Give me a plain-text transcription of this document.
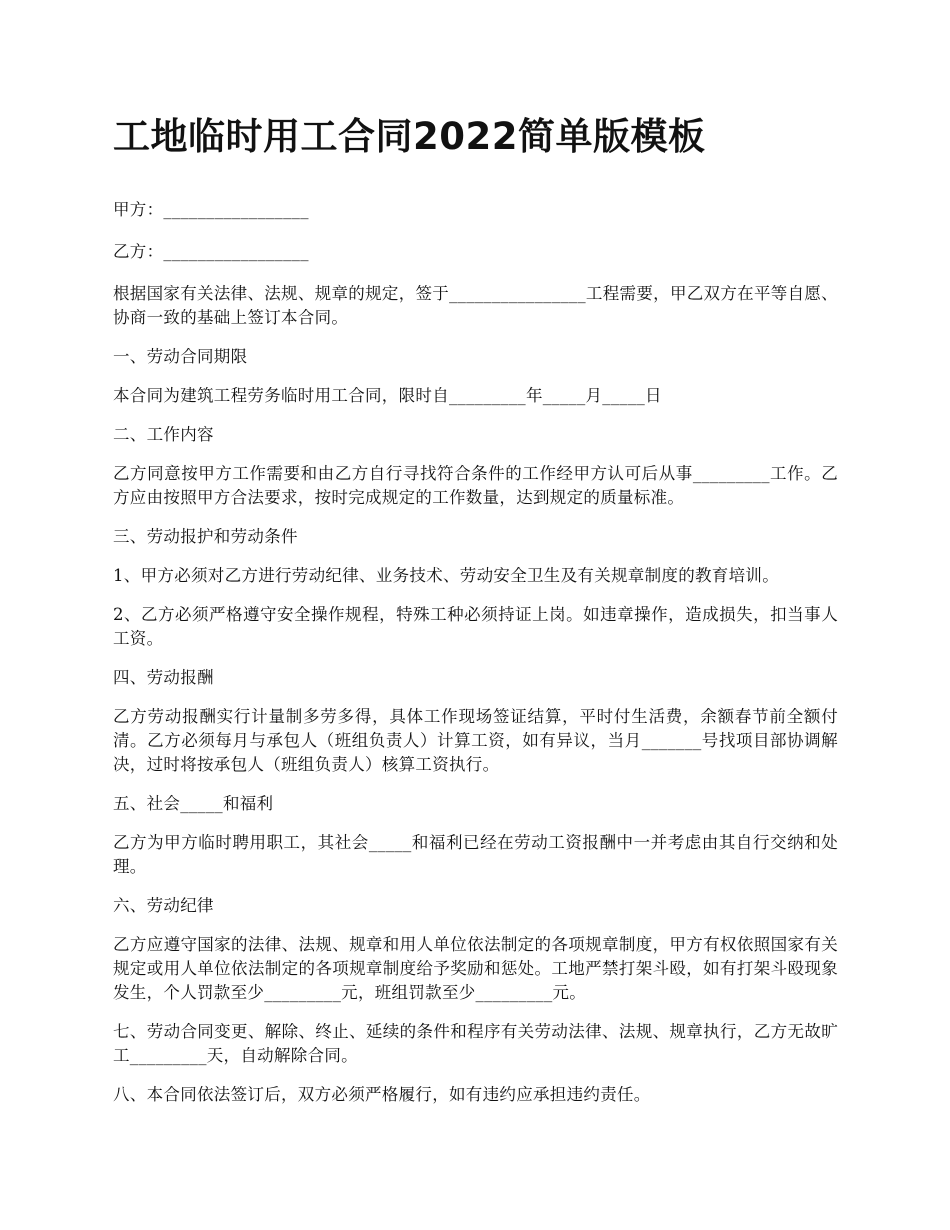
工地临时用工合同2022简单版模板

甲方：_________________

乙方：_________________

根据国家有关法律、法规、规章的规定，签于________________工程需要，甲乙双方在平等自愿、协商一致的基础上签订本合同。

一、劳动合同期限

本合同为建筑工程劳务临时用工合同，限时自_________年_____月_____日

二、工作内容

乙方同意按甲方工作需要和由乙方自行寻找符合条件的工作经甲方认可后从事_________工作。乙方应由按照甲方合法要求，按时完成规定的工作数量，达到规定的质量标准。

三、劳动报护和劳动条件

1、甲方必须对乙方进行劳动纪律、业务技术、劳动安全卫生及有关规章制度的教育培训。

2、乙方必须严格遵守安全操作规程，特殊工种必须持证上岗。如违章操作，造成损失，扣当事人工资。

四、劳动报酬

乙方劳动报酬实行计量制多劳多得，具体工作现场签证结算，平时付生活费，余额春节前全额付清。乙方必须每月与承包人（班组负责人）计算工资，如有异议，当月_______号找项目部协调解决，过时将按承包人（班组负责人）核算工资执行。

五、社会_____和福利

乙方为甲方临时聘用职工，其社会_____和福利已经在劳动工资报酬中一并考虑由其自行交纳和处理。

六、劳动纪律

乙方应遵守国家的法律、法规、规章和用人单位依法制定的各项规章制度，甲方有权依照国家有关规定或用人单位依法制定的各项规章制度给予奖励和惩处。工地严禁打架斗殴，如有打架斗殴现象发生，个人罚款至少_________元，班组罚款至少_________元。

七、劳动合同变更、解除、终止、延续的条件和程序有关劳动法律、法规、规章执行，乙方无故旷工_________天，自动解除合同。

八、本合同依法签订后，双方必须严格履行，如有违约应承担违约责任。
